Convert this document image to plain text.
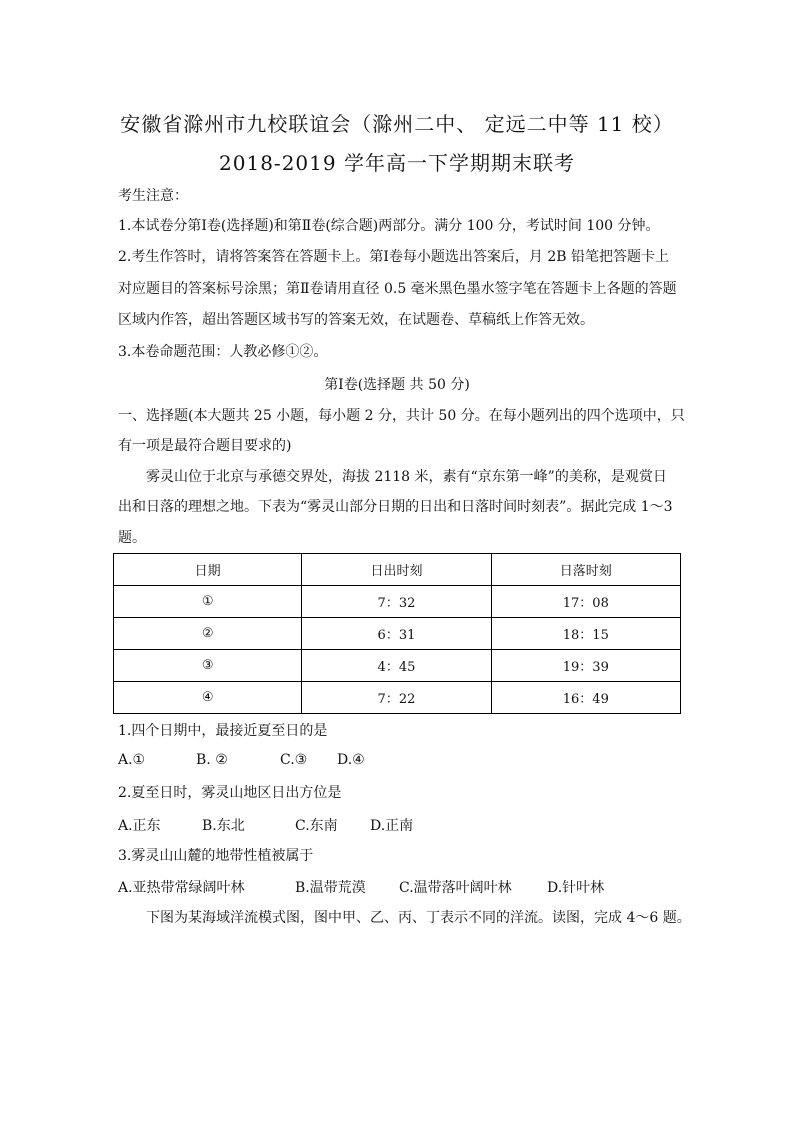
安徽省滁州市九校联谊会（滁州二中、 定远二中等 11 校）
2018-2019 学年高一下学期期末联考
考生注意：
1.本试卷分第Ⅰ卷(选择题)和第Ⅱ卷(综合题)两部分。满分 100 分，考试时间 100 分钟。
2.考生作答时，请将答案答在答题卡上。第Ⅰ卷每小题选出答案后，月 2B 铅笔把答题卡上
对应题目的答案标号涂黑；第Ⅱ卷请用直径 0.5 毫米黑色墨水签字笔在答题卡上各题的答题
区域内作答，超出答题区域书写的答案无效，在试题卷、草稿纸上作答无效。
3.本卷命题范围：人教必修①②。
第Ⅰ卷(选择题 共 50 分)
一、选择题(本大题共 25 小题，每小题 2 分，共计 50 分。在每小题列出的四个选项中，只
有一项是最符合题目要求的)
雾灵山位于北京与承德交界处，海拔 2118 米，素有“京东第一峰”的美称，是观赏日
出和日落的理想之地。下表为“雾灵山部分日期的日出和日落时间时刻表”。据此完成 1～3
题。
日期	日出时刻	日落时刻
①	7：32	17：08
②	6：31	18：15
③	4：45	19：39
④	7：22	16：49
1.四个日期中，最接近夏至日的是
A.①	B. ②	C.③ D.④
2.夏至日时，雾灵山地区日出方位是
A.正东	B.东北	C.东南 D.正南
3.雾灵山山麓的地带性植被属于
A.亚热带常绿阔叶林	B.温带荒漠 C.温带落叶阔叶林	D.针叶林
下图为某海域洋流模式图，图中甲、乙、丙、丁表示不同的洋流。读图，完成 4～6 题。
